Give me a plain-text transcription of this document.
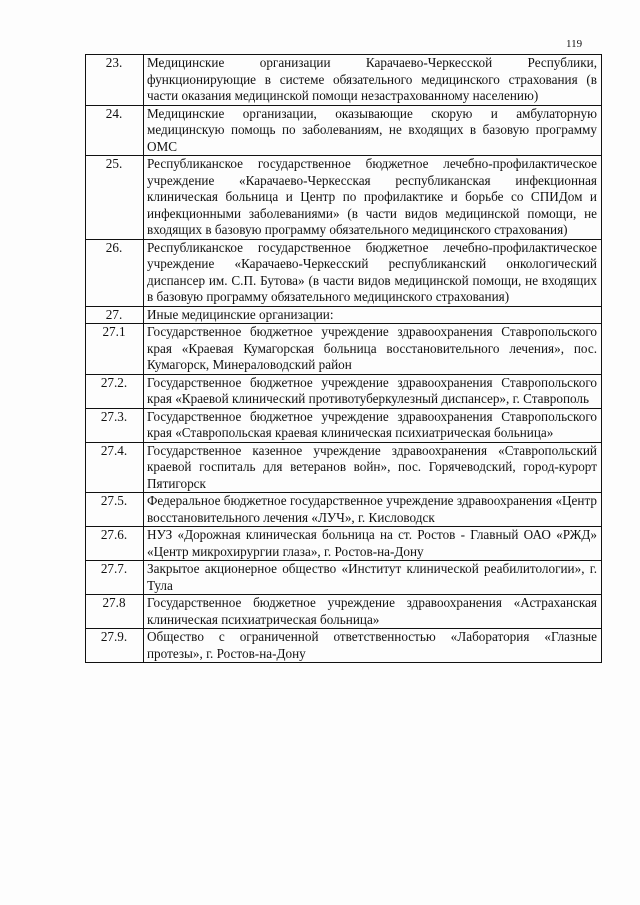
119
23.	Медицинские организации Карачаево-Черкесской Республики, функционирующие в системе обязательного медицинского страхования (в части оказания медицинской помощи незастрахованному населению)
24.	Медицинские организации, оказывающие скорую и амбулаторную медицинскую помощь по заболеваниям, не входящих в базовую программу ОМС
25.	Республиканское государственное бюджетное лечебно-профилактическое учреждение «Карачаево-Черкесская республиканская инфекционная клиническая больница и Центр по профилактике и борьбе со СПИДом и инфекционными заболеваниями» (в части видов медицинской помощи, не входящих в базовую программу обязательного медицинского страхования)
26.	Республиканское государственное бюджетное лечебно-профилактическое учреждение «Карачаево-Черкесский республиканский онкологический диспансер им. С.П. Бутова» (в части видов медицинской помощи, не входящих в базовую программу обязательного медицинского страхования)
27.	Иные медицинские организации:
27.1	Государственное бюджетное учреждение здравоохранения Ставропольского края «Краевая Кумагорская больница восстановительного лечения», пос. Кумагорск, Минераловодский район
27.2.	Государственное бюджетное учреждение здравоохранения Ставропольского края «Краевой клинический противотуберкулезный диспансер», г. Ставрополь
27.3.	Государственное бюджетное учреждение здравоохранения Ставропольского края «Ставропольская краевая клиническая психиатрическая больница»
27.4.	Государственное казенное учреждение здравоохранения «Ставропольский краевой госпиталь для ветеранов войн», пос. Горячеводский, город-курорт Пятигорск
27.5.	Федеральное бюджетное государственное учреждение здравоохранения «Центр восстановительного лечения «ЛУЧ», г. Кисловодск
27.6.	НУЗ «Дорожная клиническая больница на ст. Ростов - Главный ОАО «РЖД» «Центр микрохирургии глаза», г. Ростов-на-Дону
27.7.	Закрытое акционерное общество «Институт клинической реабилитологии», г. Тула
27.8	Государственное бюджетное учреждение здравоохранения «Астраханская клиническая психиатрическая больница»
27.9.	Общество с ограниченной ответственностью «Лаборатория «Глазные протезы», г. Ростов-на-Дону
